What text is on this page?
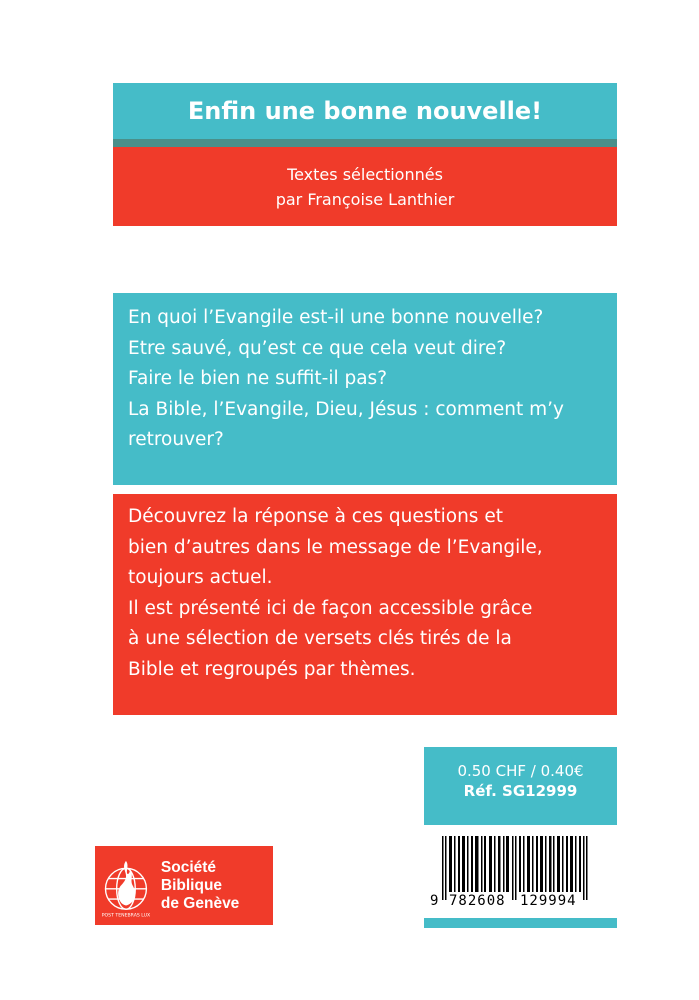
Enfin une bonne nouvelle!
Textes sélectionnés
par Françoise Lanthier
En quoi l’Evangile est-il une bonne nouvelle?
Etre sauvé, qu’est ce que cela veut dire?
Faire le bien ne suffit-il pas?
La Bible, l’Evangile, Dieu, Jésus : comment m’y
retrouver?
Découvrez la réponse à ces questions et
bien d’autres dans le message de l’Evangile,
toujours actuel.
Il est présenté ici de façon accessible grâce
à une sélection de versets clés tirés de la
Bible et regroupés par thèmes.
0.50 CHF / 0.40€
Réf. SG12999
9 782608 129994
POST TENEBRAS LUX
Société Biblique
de Genève
